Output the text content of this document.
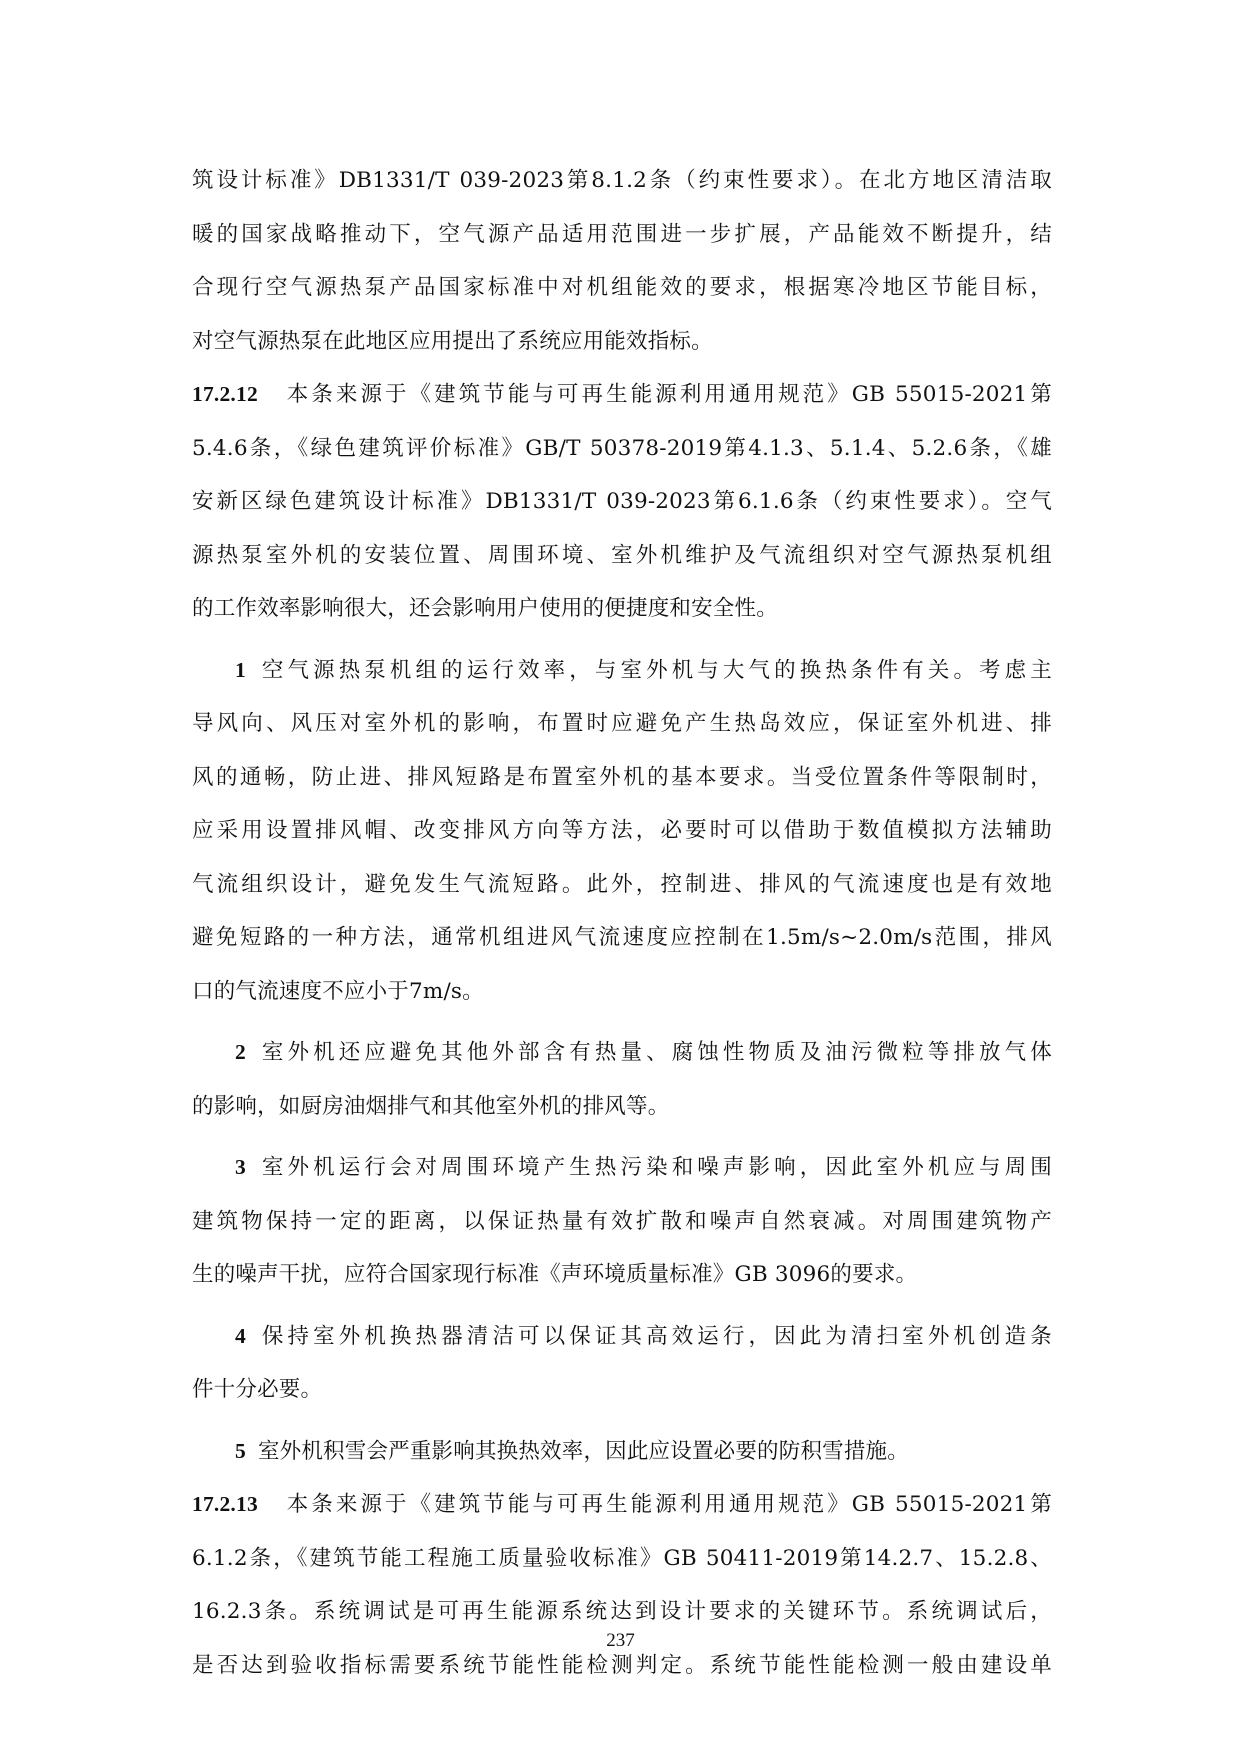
筑设计标准》DB1331/T 039-2023第8.1.2条（约束性要求）。在北方地区清洁取
暖的国家战略推动下，空气源产品适用范围进一步扩展，产品能效不断提升，结
合现行空气源热泵产品国家标准中对机组能效的要求，根据寒冷地区节能目标，
对空气源热泵在此地区应用提出了系统应用能效指标。
17.2.12 本条来源于《建筑节能与可再生能源利用通用规范》GB 55015-2021第
5.4.6条，《绿色建筑评价标准》GB/T 50378-2019第4.1.3、5.1.4、5.2.6条，《雄
安新区绿色建筑设计标准》DB1331/T 039-2023第6.1.6条（约束性要求）。空气
源热泵室外机的安装位置、周围环境、室外机维护及气流组织对空气源热泵机组
的工作效率影响很大，还会影响用户使用的便捷度和安全性。
1 空气源热泵机组的运行效率，与室外机与大气的换热条件有关。考虑主
导风向、风压对室外机的影响，布置时应避免产生热岛效应，保证室外机进、排
风的通畅，防止进、排风短路是布置室外机的基本要求。当受位置条件等限制时，
应采用设置排风帽、改变排风方向等方法，必要时可以借助于数值模拟方法辅助
气流组织设计，避免发生气流短路。此外，控制进、排风的气流速度也是有效地
避免短路的一种方法，通常机组进风气流速度应控制在1.5m/s~2.0m/s范围，排风
口的气流速度不应小于7m/s。
2 室外机还应避免其他外部含有热量、腐蚀性物质及油污微粒等排放气体
的影响，如厨房油烟排气和其他室外机的排风等。
3 室外机运行会对周围环境产生热污染和噪声影响，因此室外机应与周围
建筑物保持一定的距离，以保证热量有效扩散和噪声自然衰减。对周围建筑物产
生的噪声干扰，应符合国家现行标准《声环境质量标准》GB 3096的要求。
4 保持室外机换热器清洁可以保证其高效运行，因此为清扫室外机创造条
件十分必要。
5 室外机积雪会严重影响其换热效率，因此应设置必要的防积雪措施。
17.2.13 本条来源于《建筑节能与可再生能源利用通用规范》GB 55015-2021第
6.1.2条，《建筑节能工程施工质量验收标准》GB 50411-2019第14.2.7、15.2.8、
16.2.3条。系统调试是可再生能源系统达到设计要求的关键环节。系统调试后，
是否达到验收指标需要系统节能性能检测判定。系统节能性能检测一般由建设单
237
